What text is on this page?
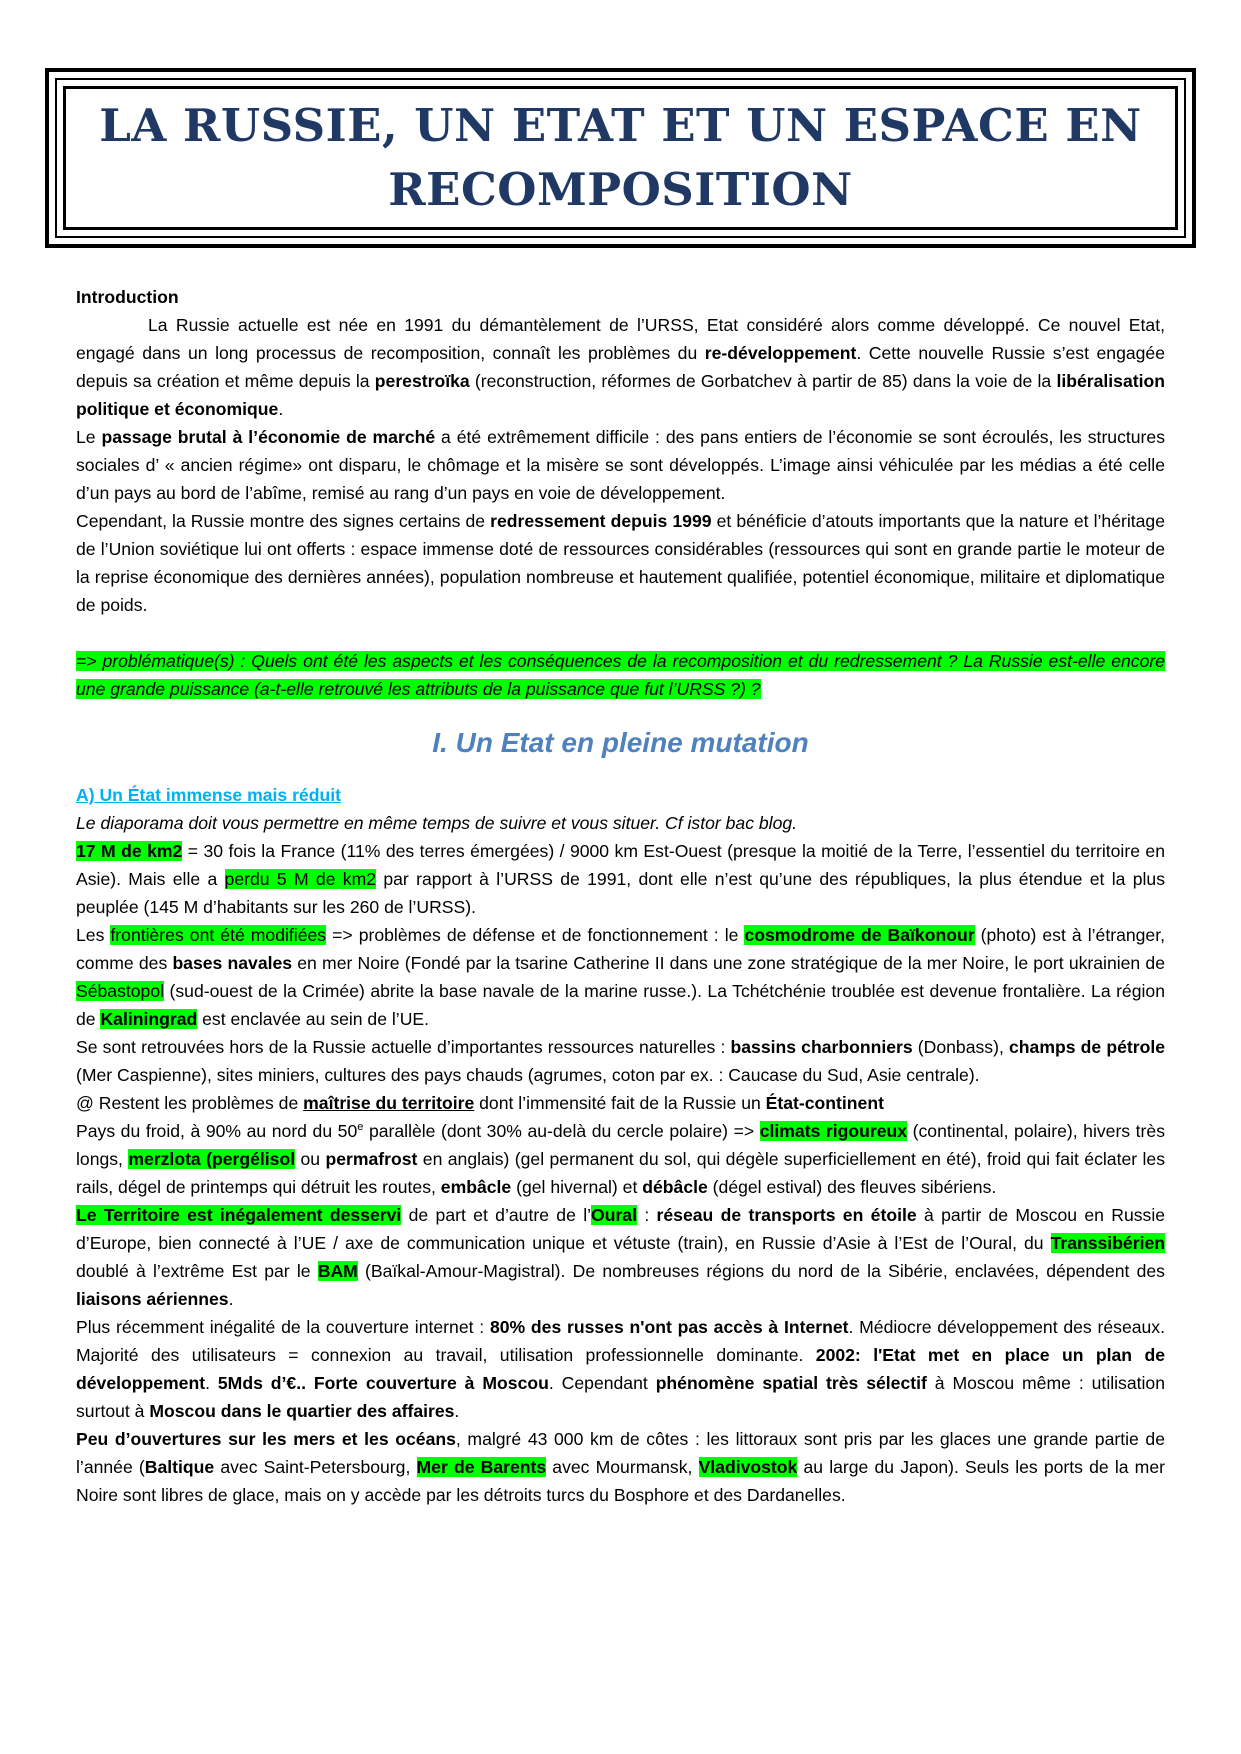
LA RUSSIE, UN ETAT ET UN ESPACE EN
RECOMPOSITION

Introduction

La Russie actuelle est née en 1991 du démantèlement de l’URSS, Etat considéré alors comme développé. Ce nouvel Etat, engagé dans un long processus de recomposition, connaît les problèmes du re-développement. Cette nouvelle Russie s’est engagée depuis sa création et même depuis la perestroïka (reconstruction, réformes de Gorbatchev à partir de 85) dans la voie de la libéralisation politique et économique.

Le passage brutal à l’économie de marché a été extrêmement difficile : des pans entiers de l’économie se sont écroulés, les structures sociales d’ « ancien régime» ont disparu, le chômage et la misère se sont développés. L’image ainsi véhiculée par les médias a été celle d’un pays au bord de l’abîme, remisé au rang d’un pays en voie de développement.

Cependant, la Russie montre des signes certains de redressement depuis 1999 et bénéficie d’atouts importants que la nature et l’héritage de l’Union soviétique lui ont offerts : espace immense doté de ressources considérables (ressources qui sont en grande partie le moteur de la reprise économique des dernières années), population nombreuse et hautement qualifiée, potentiel économique, militaire et diplomatique de poids.

=> problématique(s) : Quels ont été les aspects et les conséquences de la recomposition et du redressement ? La Russie est-elle encore une grande puissance (a-t-elle retrouvé les attributs de la puissance que fut l’URSS ?) ?

I. Un Etat en pleine mutation

A) Un État immense mais réduit

Le diaporama doit vous permettre en même temps de suivre et vous situer. Cf istor bac blog.

17 M de km2 = 30 fois la France (11% des terres émergées) / 9000 km Est-Ouest (presque la moitié de la Terre, l’essentiel du territoire en Asie). Mais elle a perdu 5 M de km2 par rapport à l’URSS de 1991, dont elle n’est qu’une des républiques, la plus étendue et la plus peuplée (145 M d’habitants sur les 260 de l’URSS).

Les frontières ont été modifiées => problèmes de défense et de fonctionnement : le cosmodrome de Baïkonour (photo) est à l’étranger, comme des bases navales en mer Noire (Fondé par la tsarine Catherine II dans une zone stratégique de la mer Noire, le port ukrainien de Sébastopol (sud-ouest de la Crimée) abrite la base navale de la marine russe.). La Tchétchénie troublée est devenue frontalière. La région de Kaliningrad est enclavée au sein de l’UE.

Se sont retrouvées hors de la Russie actuelle d’importantes ressources naturelles : bassins charbonniers (Donbass), champs de pétrole (Mer Caspienne), sites miniers, cultures des pays chauds (agrumes, coton par ex. : Caucase du Sud, Asie centrale).

@ Restent les problèmes de maîtrise du territoire dont l’immensité fait de la Russie un État-continent

Pays du froid, à 90% au nord du 50e parallèle (dont 30% au-delà du cercle polaire) => climats rigoureux (continental, polaire), hivers très longs, merzlota (pergélisol ou permafrost en anglais) (gel permanent du sol, qui dégèle superficiellement en été), froid qui fait éclater les rails, dégel de printemps qui détruit les routes, embâcle (gel hivernal) et débâcle (dégel estival) des fleuves sibériens.

Le Territoire est inégalement desservi de part et d’autre de l’Oural : réseau de transports en étoile à partir de Moscou en Russie d’Europe, bien connecté à l’UE / axe de communication unique et vétuste (train), en Russie d’Asie à l’Est de l’Oural, du Transsibérien doublé à l’extrême Est par le BAM (Baïkal-Amour-Magistral). De nombreuses régions du nord de la Sibérie, enclavées, dépendent des liaisons aériennes.

Plus récemment inégalité de la couverture internet : 80% des russes n'ont pas accès à Internet. Médiocre développement des réseaux. Majorité des utilisateurs = connexion au travail, utilisation professionnelle dominante. 2002: l'Etat met en place un plan de développement. 5Mds d’€.. Forte couverture à Moscou. Cependant phénomène spatial très sélectif à Moscou même : utilisation surtout à Moscou dans le quartier des affaires.

Peu d’ouvertures sur les mers et les océans, malgré 43 000 km de côtes : les littoraux sont pris par les glaces une grande partie de l’année (Baltique avec Saint-Petersbourg, Mer de Barents avec Mourmansk, Vladivostok au large du Japon). Seuls les ports de la mer Noire sont libres de glace, mais on y accède par les détroits turcs du Bosphore et des Dardanelles.
